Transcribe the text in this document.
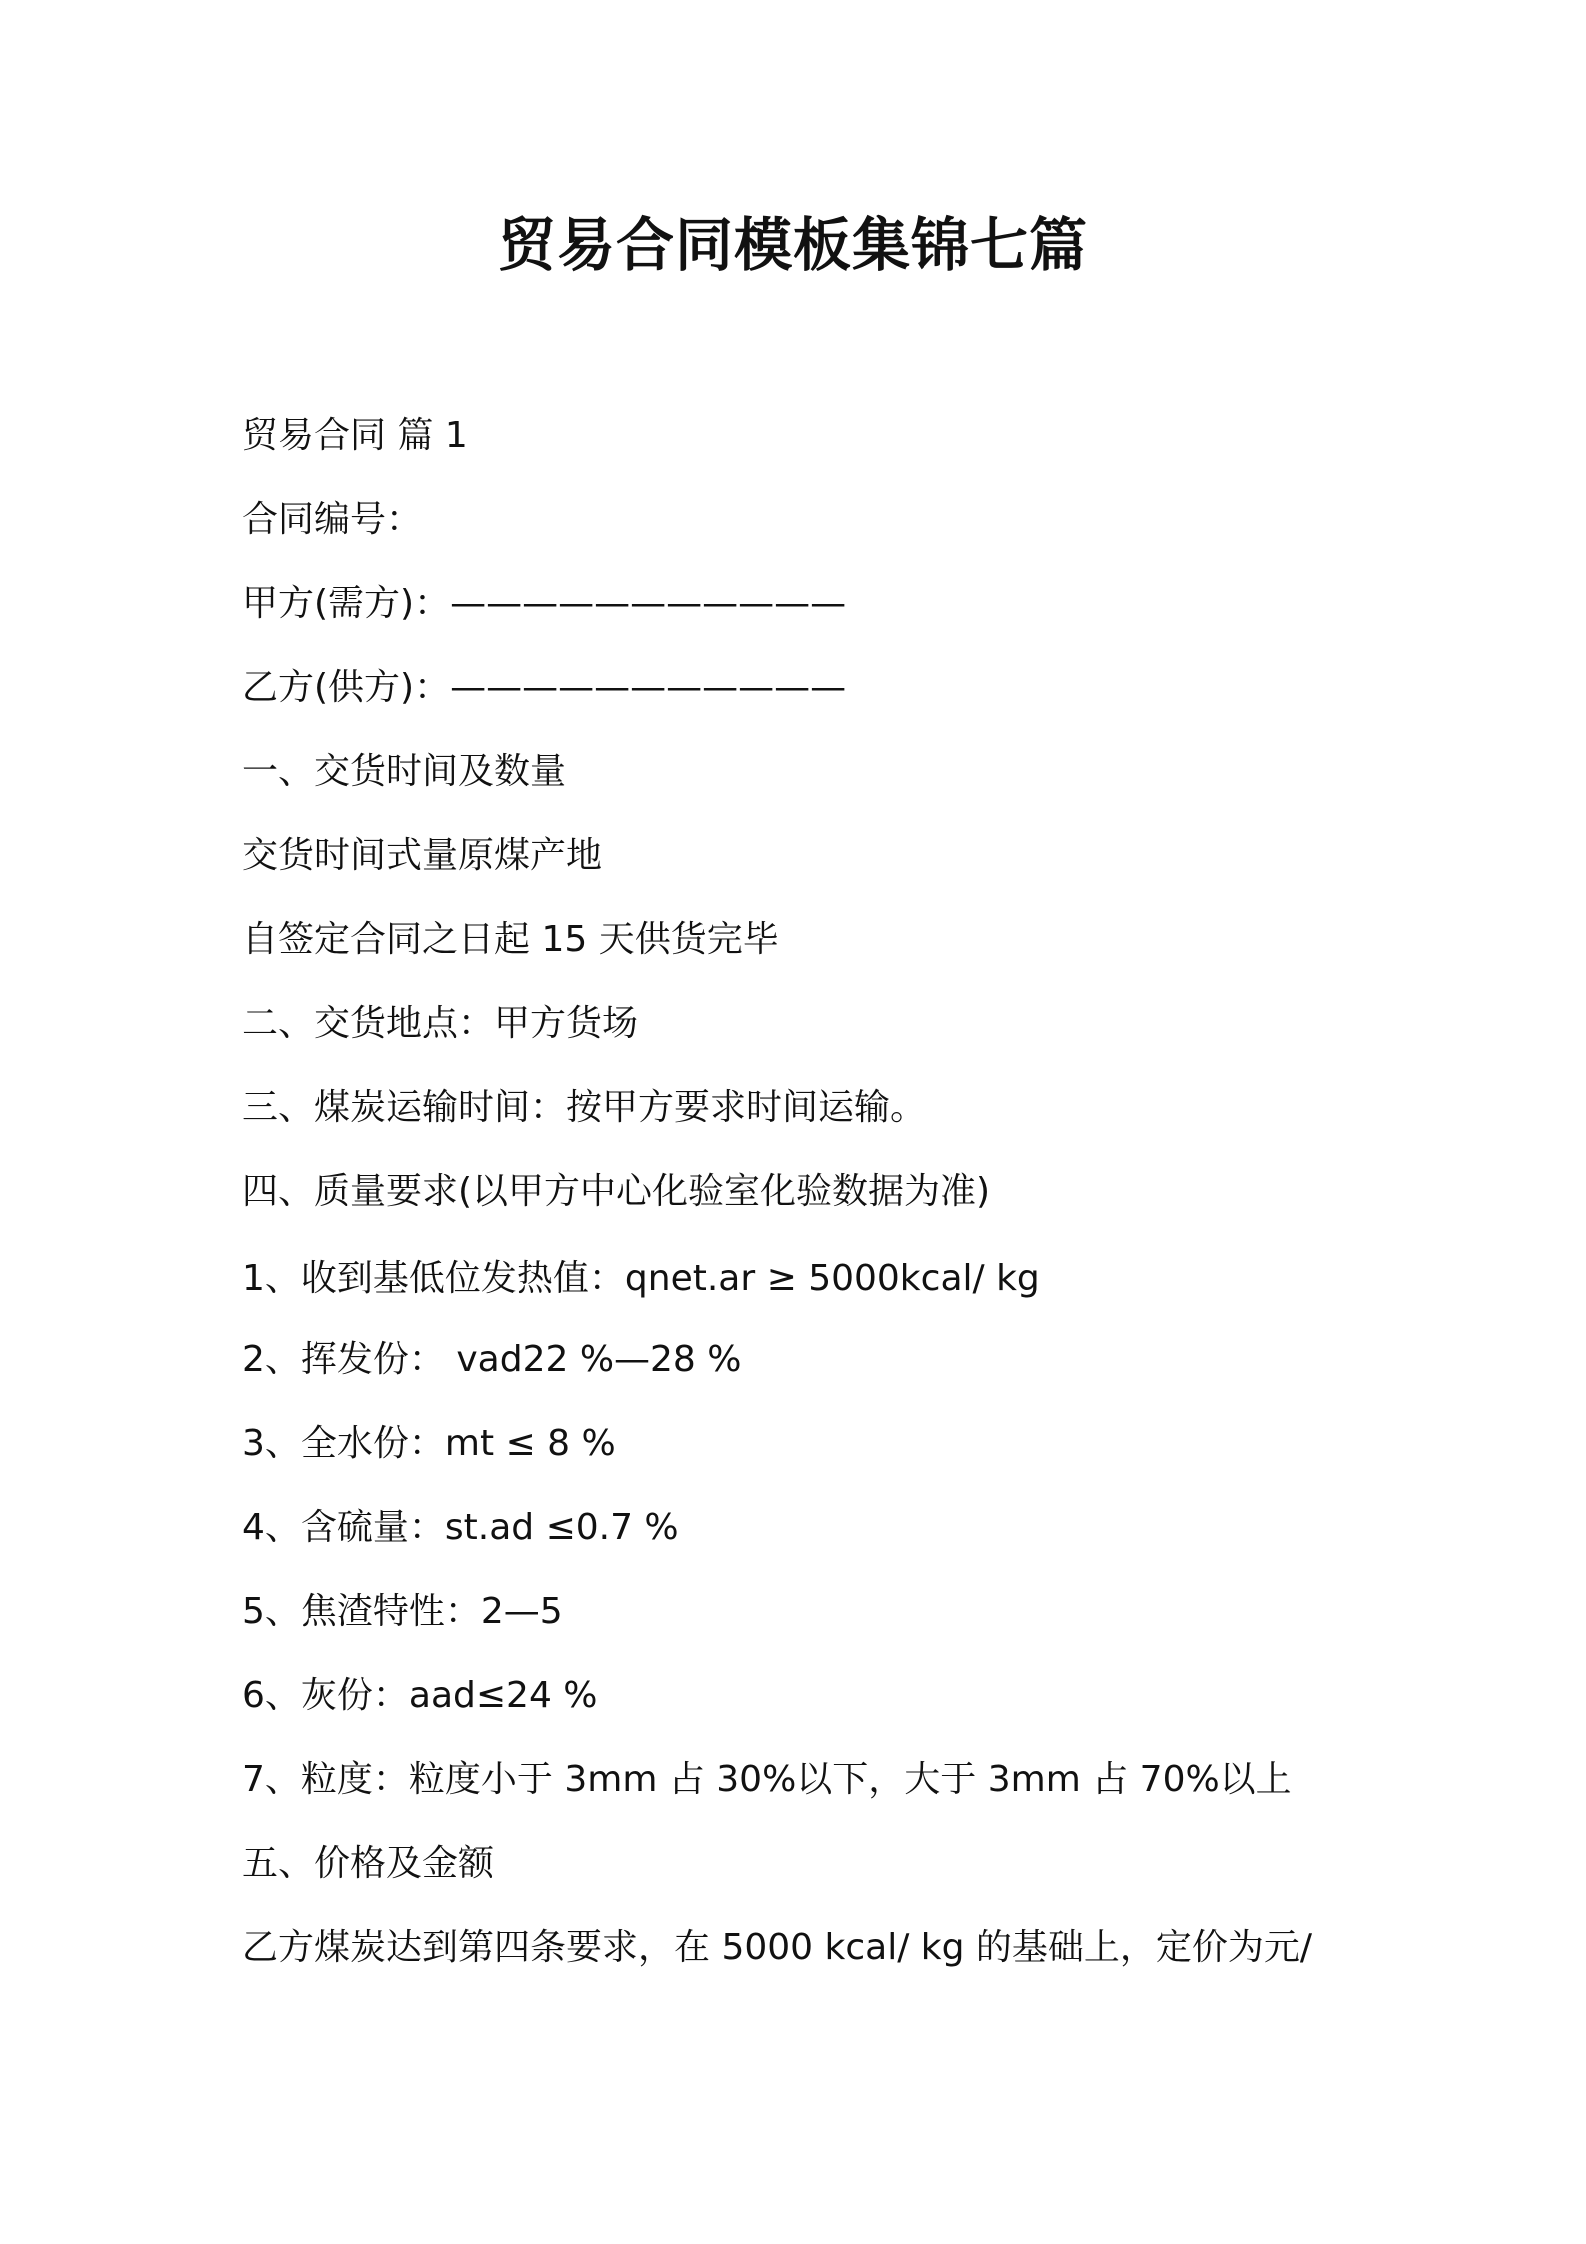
贸易合同模板集锦七篇
贸易合同 篇 1
合同编号：
甲方(需方)：———————————
乙方(供方)：———————————
一、交货时间及数量
交货时间式量原煤产地
自签定合同之日起 15 天供货完毕
二、交货地点：甲方货场
三、煤炭运输时间：按甲方要求时间运输。
四、质量要求(以甲方中心化验室化验数据为准)
1、收到基低位发热值：qnet.ar ≥ 5000kcal/ kg
2、挥发份： vad22 %—28 %
3、全水份：mt ≤ 8 %
4、含硫量：st.ad ≤0.7 %
5、焦渣特性：2—5
6、灰份：aad≤24 %
7、粒度：粒度小于 3mm 占 30%以下，大于 3mm 占 70%以上
五、价格及金额
乙方煤炭达到第四条要求，在 5000 kcal/ kg 的基础上，定价为元/
